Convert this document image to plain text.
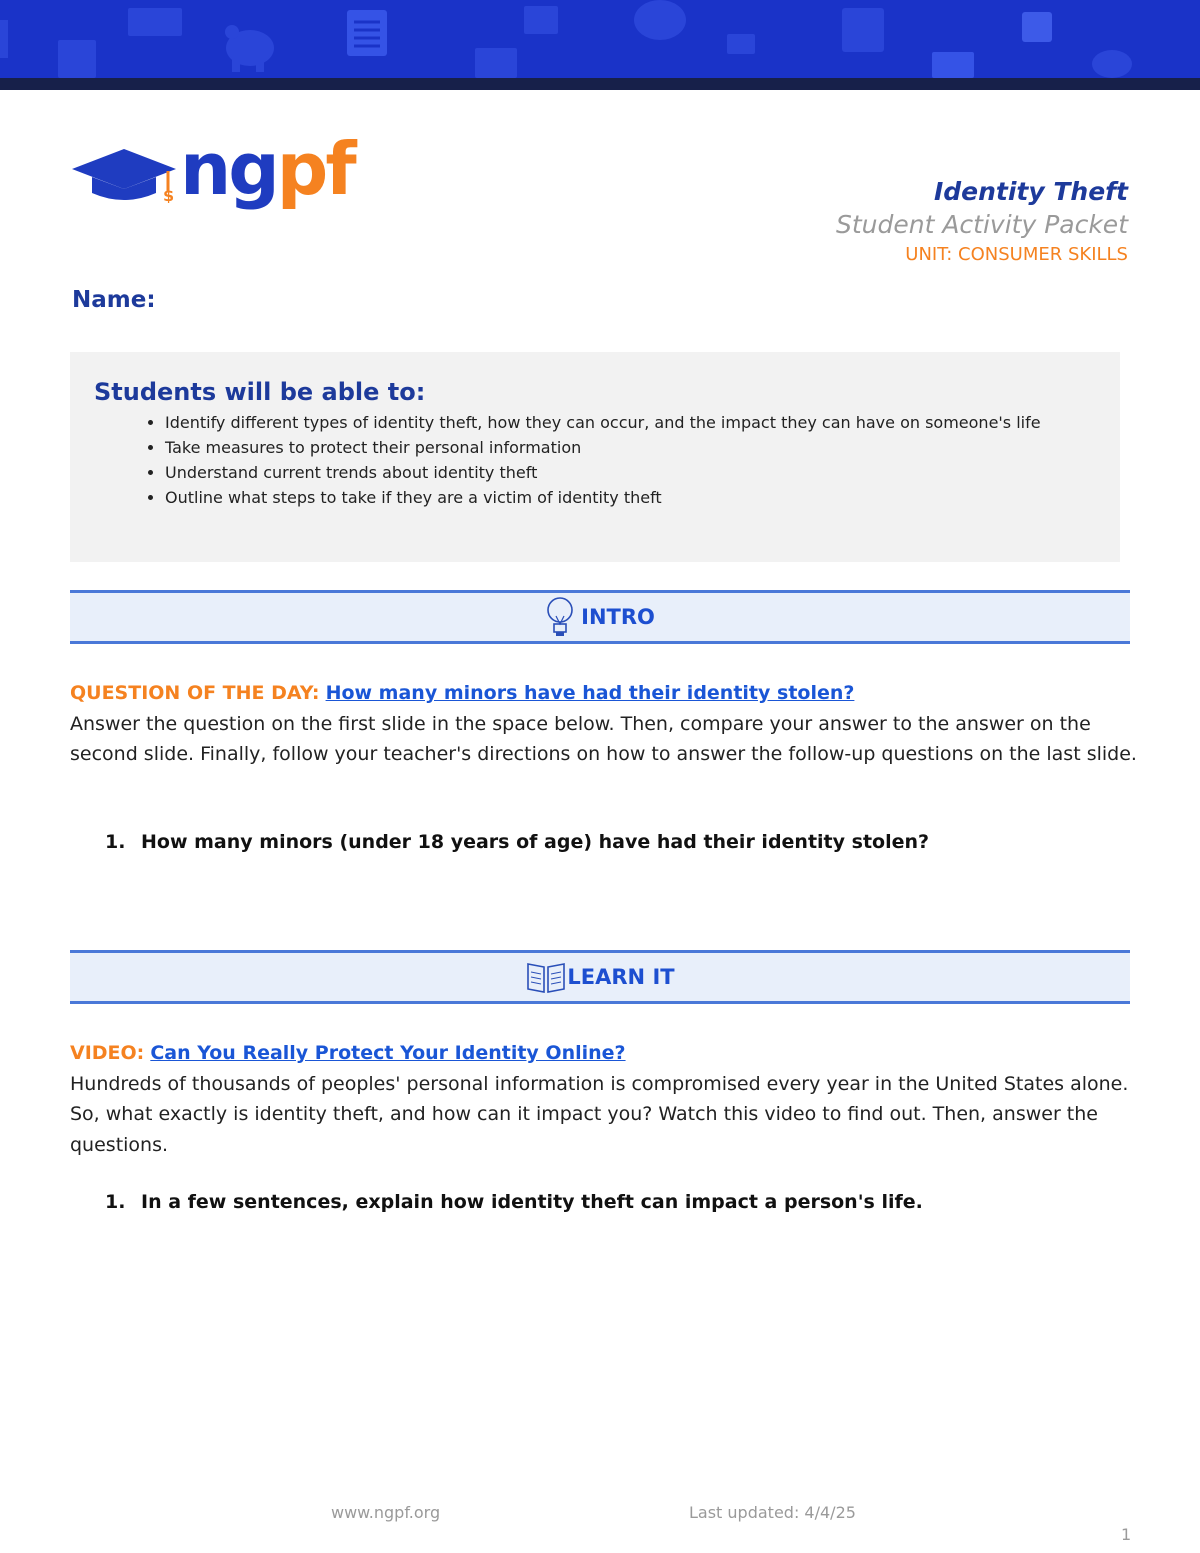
$ ngpf	Identity Theft
Student Activity Packet
UNIT: CONSUMER SKILLS
Name:
Students will be able to:
• Identify different types of identity theft, how they can occur, and the impact they can have on someone's life
• Take measures to protect their personal information
• Understand current trends about identity theft
• Outline what steps to take if they are a victim of identity theft
INTRO
QUESTION OF THE DAY: How many minors have had their identity stolen?
Answer the question on the first slide in the space below. Then, compare your answer to the answer on the second slide. Finally, follow your teacher's directions on how to answer the follow-up questions on the last slide.
1. How many minors (under 18 years of age) have had their identity stolen?
LEARN IT
VIDEO: Can You Really Protect Your Identity Online?
Hundreds of thousands of peoples' personal information is compromised every year in the United States alone. So, what exactly is identity theft, and how can it impact you? Watch this video to find out. Then, answer the questions.
1. In a few sentences, explain how identity theft can impact a person's life.
www.ngpf.org	Last updated: 4/4/25
1
